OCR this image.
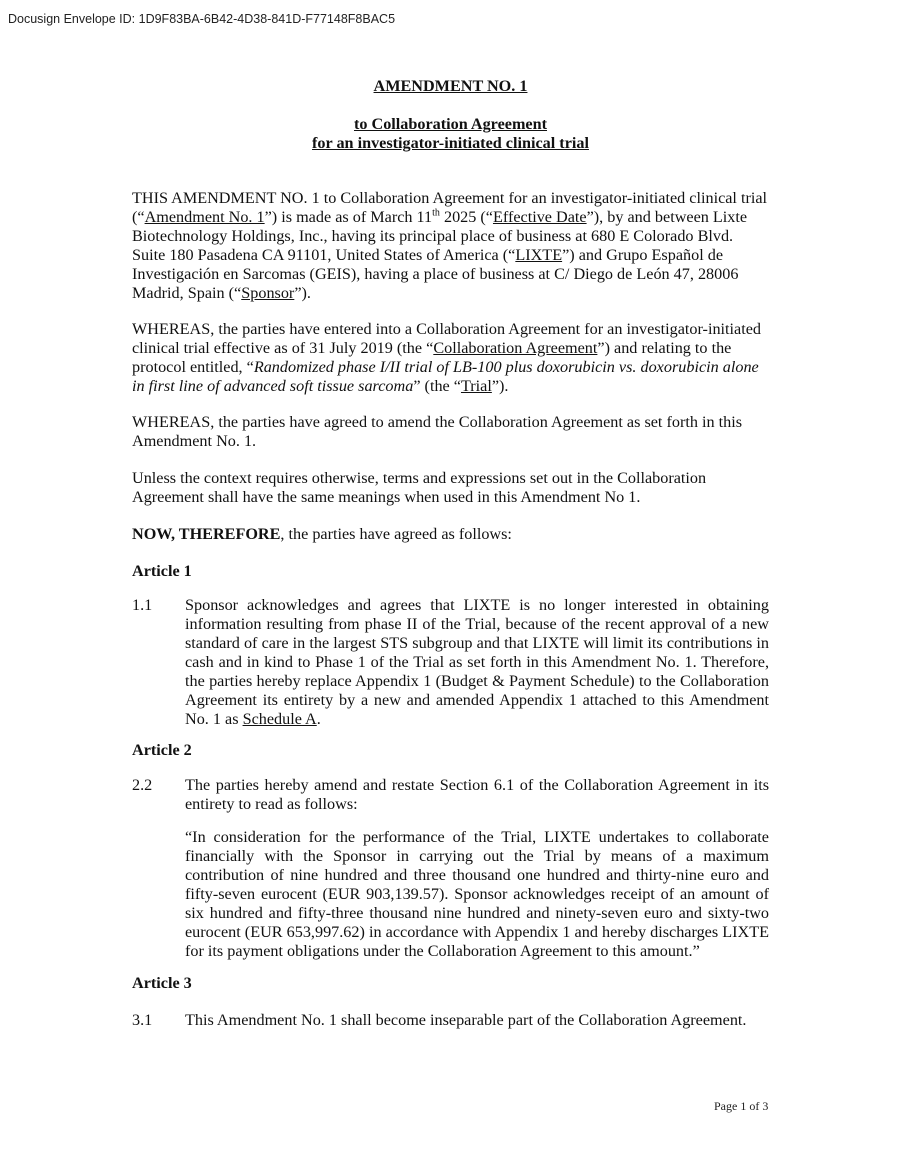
Docusign Envelope ID: 1D9F83BA-6B42-4D38-841D-F77148F8BAC5
AMENDMENT NO. 1
to Collaboration Agreement
for an investigator-initiated clinical trial

THIS AMENDMENT NO. 1 to Collaboration Agreement for an investigator-initiated clinical trial (“Amendment No. 1”) is made as of March 11th 2025 (“Effective Date”), by and between Lixte Biotechnology Holdings, Inc., having its principal place of business at 680 E Colorado Blvd. Suite 180 Pasadena CA 91101, United States of America (“LIXTE”) and Grupo Español de Investigación en Sarcomas (GEIS), having a place of business at C/ Diego de León 47, 28006 Madrid, Spain (“Sponsor”).

WHEREAS, the parties have entered into a Collaboration Agreement for an investigator-initiated clinical trial effective as of 31 July 2019 (the “Collaboration Agreement”) and relating to the protocol entitled, “Randomized phase I/II trial of LB-100 plus doxorubicin vs. doxorubicin alone in first line of advanced soft tissue sarcoma” (the “Trial”).

WHEREAS, the parties have agreed to amend the Collaboration Agreement as set forth in this Amendment No. 1.

Unless the context requires otherwise, terms and expressions set out in the Collaboration Agreement shall have the same meanings when used in this Amendment No 1.

NOW, THEREFORE, the parties have agreed as follows:

Article 1
1.1 Sponsor acknowledges and agrees that LIXTE is no longer interested in obtaining information resulting from phase II of the Trial, because of the recent approval of a new standard of care in the largest STS subgroup and that LIXTE will limit its contributions in cash and in kind to Phase 1 of the Trial as set forth in this Amendment No. 1. Therefore, the parties hereby replace Appendix 1 (Budget & Payment Schedule) to the Collaboration Agreement its entirety by a new and amended Appendix 1 attached to this Amendment No. 1 as Schedule A.

Article 2
2.2 The parties hereby amend and restate Section 6.1 of the Collaboration Agreement in its entirety to read as follows:

“In consideration for the performance of the Trial, LIXTE undertakes to collaborate financially with the Sponsor in carrying out the Trial by means of a maximum contribution of nine hundred and three thousand one hundred and thirty-nine euro and fifty-seven eurocent (EUR 903,139.57). Sponsor acknowledges receipt of an amount of six hundred and fifty-three thousand nine hundred and ninety-seven euro and sixty-two eurocent (EUR 653,997.62) in accordance with Appendix 1 and hereby discharges LIXTE for its payment obligations under the Collaboration Agreement to this amount.”

Article 3
3.1 This Amendment No. 1 shall become inseparable part of the Collaboration Agreement.

Page 1 of 3
